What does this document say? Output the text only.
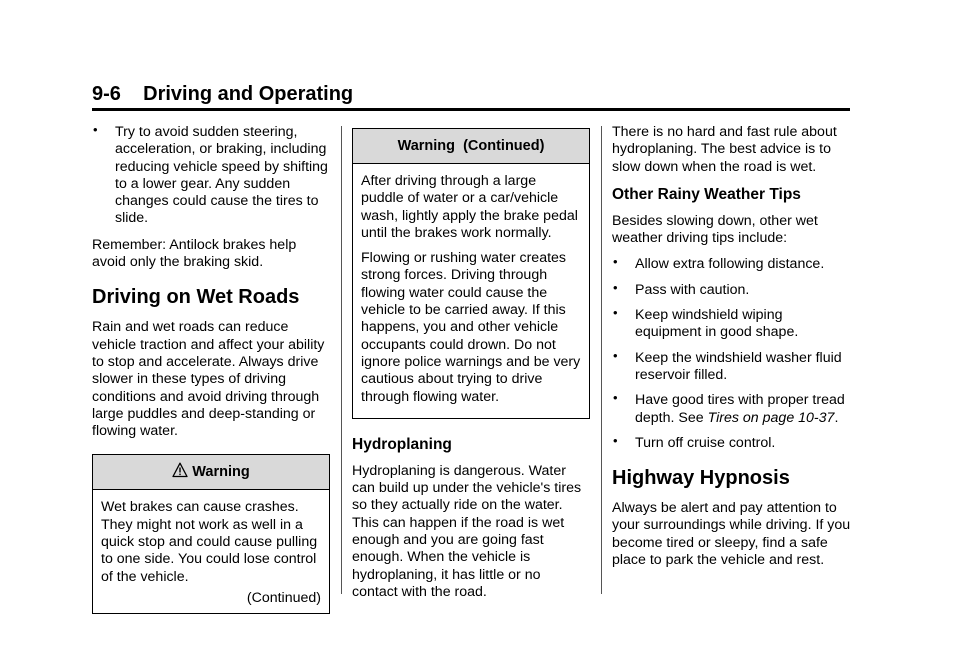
9-6    Driving and Operating
• Try to avoid sudden steering, acceleration, or braking, including reducing vehicle speed by shifting to a lower gear. Any sudden changes could cause the tires to slide.

Remember: Antilock brakes help avoid only the braking skid.

Driving on Wet Roads

Rain and wet roads can reduce vehicle traction and affect your ability to stop and accelerate. Always drive slower in these types of driving conditions and avoid driving through large puddles and deep-standing or flowing water.

Warning

Wet brakes can cause crashes. They might not work as well in a quick stop and could cause pulling to one side. You could lose control of the vehicle.

(Continued)
Warning  (Continued)

After driving through a large puddle of water or a car/vehicle wash, lightly apply the brake pedal until the brakes work normally.

Flowing or rushing water creates strong forces. Driving through flowing water could cause the vehicle to be carried away. If this happens, you and other vehicle occupants could drown. Do not ignore police warnings and be very cautious about trying to drive through flowing water.

Hydroplaning

Hydroplaning is dangerous. Water can build up under the vehicle's tires so they actually ride on the water. This can happen if the road is wet enough and you are going fast enough. When the vehicle is hydroplaning, it has little or no contact with the road.

There is no hard and fast rule about hydroplaning. The best advice is to slow down when the road is wet.

Other Rainy Weather Tips

Besides slowing down, other wet weather driving tips include:

• Allow extra following distance.
• Pass with caution.
• Keep windshield wiping equipment in good shape.
• Keep the windshield washer fluid reservoir filled.
• Have good tires with proper tread depth. See Tires on page 10-37.
• Turn off cruise control.
Highway Hypnosis

Always be alert and pay attention to your surroundings while driving. If you become tired or sleepy, find a safe place to park the vehicle and rest.
